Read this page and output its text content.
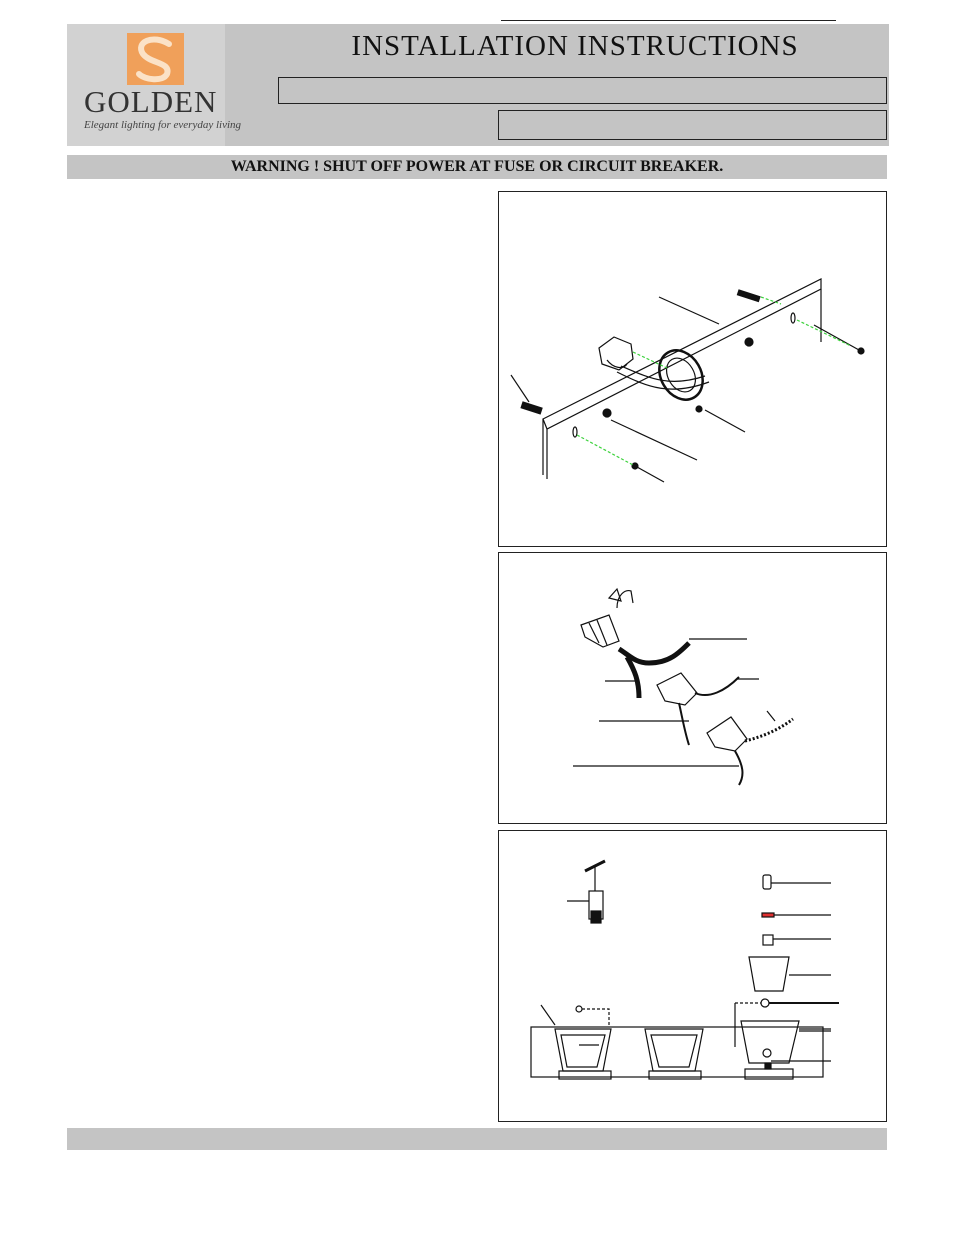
GOLDEN
Elegant lighting for everyday living
INSTALLATION INSTRUCTIONS
WARNING ! SHUT OFF POWER AT FUSE OR CIRCUIT BREAKER.
